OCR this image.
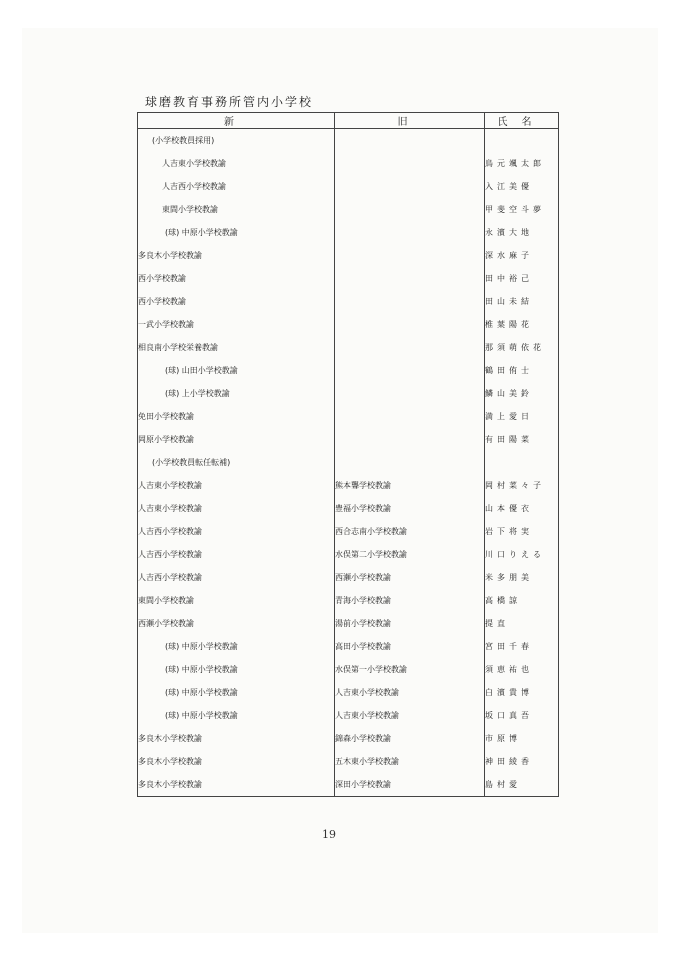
球磨教育事務所管内小学校
新	旧	氏名
(小学校教員採用)		
人吉東小学校教諭		鳥元颯太郎
人吉西小学校教諭		入江美優
東間小学校教諭		甲斐空斗夢
(球) 中原小学校教諭		永濱大地
多良木小学校教諭		深水麻子
西小学校教諭		田中裕己
西小学校教諭		田山未結
一武小学校教諭		椎葉陽花
相良南小学校栄養教諭		那須萌依花
(球) 山田小学校教諭		鶴田侑士
(球) 上小学校教諭		鱗山美鈴
免田小学校教諭		満上愛日
岡原小学校教諭		有田陽菜
(小学校教員転任転補)		
人吉東小学校教諭	熊本聾学校教諭	岡村菜々子
人吉東小学校教諭	豊福小学校教諭	山本優衣
人吉西小学校教諭	西合志南小学校教諭	岩下将実
人吉西小学校教諭	水俣第二小学校教諭	川口りえる
人吉西小学校教諭	西瀬小学校教諭	米多朋美
東間小学校教諭	青海小学校教諭	高橋諒
西瀬小学校教諭	湯前小学校教諭	提直
(球) 中原小学校教諭	高田小学校教諭	宮田千春
(球) 中原小学校教諭	水俣第一小学校教諭	須恵祐也
(球) 中原小学校教諭	人吉東小学校教諭	白濱貴博
(球) 中原小学校教諭	人吉東小学校教諭	坂口真吾
多良木小学校教諭	錦森小学校教諭	市原博
多良木小学校教諭	五木東小学校教諭	神田綾香
多良木小学校教諭	深田小学校教諭	島村愛
19
